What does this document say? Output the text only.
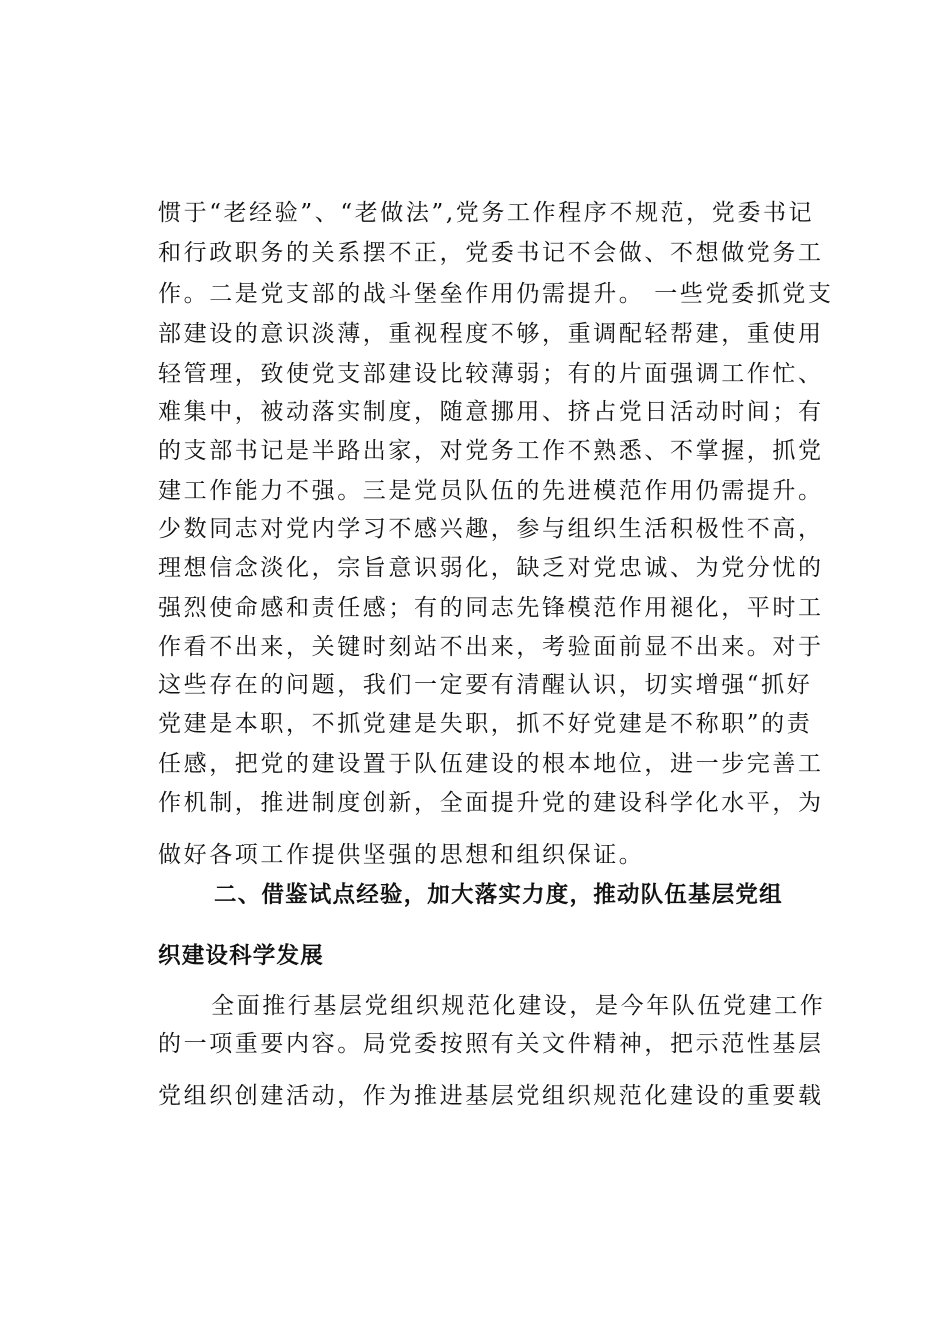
惯于“老经验”、“老做法”,党务工作程序不规范，党委书记
和行政职务的关系摆不正，党委书记不会做、不想做党务工
作。二是党支部的战斗堡垒作用仍需提升。 一些党委抓党支
部建设的意识淡薄，重视程度不够，重调配轻帮建，重使用
轻管理，致使党支部建设比较薄弱；有的片面强调工作忙、
难集中，被动落实制度，随意挪用、挤占党日活动时间；有
的支部书记是半路出家，对党务工作不熟悉、不掌握，抓党
建工作能力不强。三是党员队伍的先进模范作用仍需提升。
少数同志对党内学习不感兴趣，参与组织生活积极性不高，
理想信念淡化，宗旨意识弱化，缺乏对党忠诚、为党分忧的
强烈使命感和责任感；有的同志先锋模范作用褪化，平时工
作看不出来，关键时刻站不出来，考验面前显不出来。对于
这些存在的问题，我们一定要有清醒认识，切实增强“抓好
党建是本职，不抓党建是失职，抓不好党建是不称职”的责
任感，把党的建设置于队伍建设的根本地位，进一步完善工
作机制，推进制度创新，全面提升党的建设科学化水平，为
做好各项工作提供坚强的思想和组织保证。
二、借鉴试点经验，加大落实力度，推动队伍基层党组
织建设科学发展
全面推行基层党组织规范化建设，是今年队伍党建工作
的一项重要内容。局党委按照有关文件精神，把示范性基层
党组织创建活动，作为推进基层党组织规范化建设的重要载
